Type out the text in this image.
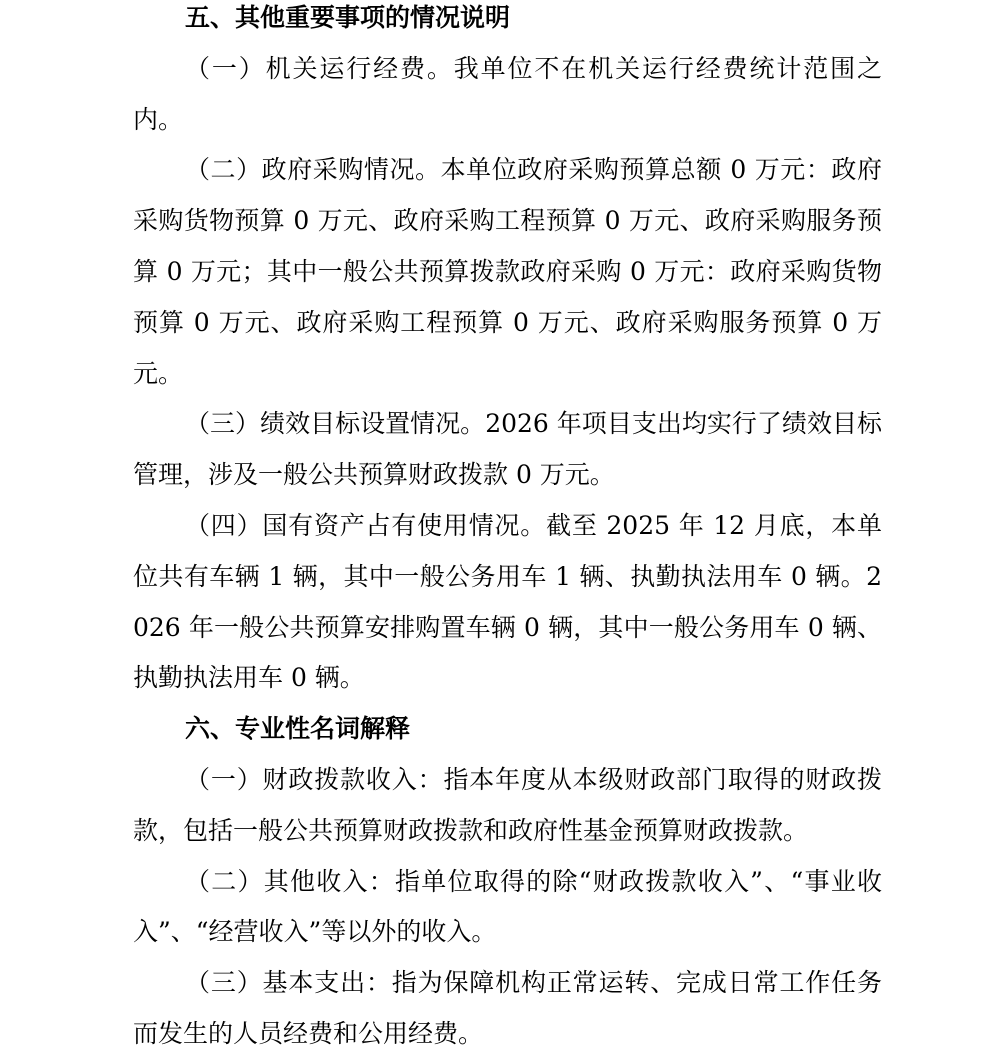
五、其他重要事项的情况说明

（一）机关运行经费。我单位不在机关运行经费统计范围之内。

（二）政府采购情况。本单位政府采购预算总额 0 万元：政府采购货物预算 0 万元、政府采购工程预算 0 万元、政府采购服务预算 0 万元；其中一般公共预算拨款政府采购 0 万元：政府采购货物预算 0 万元、政府采购工程预算 0 万元、政府采购服务预算 0 万元。

（三）绩效目标设置情况。2026 年项目支出均实行了绩效目标管理，涉及一般公共预算财政拨款 0 万元。

（四）国有资产占有使用情况。截至 2025 年 12 月底，本单位共有车辆 1 辆，其中一般公务用车 1 辆、执勤执法用车 0 辆。2026 年一般公共预算安排购置车辆 0 辆，其中一般公务用车 0 辆、执勤执法用车 0 辆。

六、专业性名词解释

（一）财政拨款收入：指本年度从本级财政部门取得的财政拨款，包括一般公共预算财政拨款和政府性基金预算财政拨款。

（二）其他收入：指单位取得的除“财政拨款收入”、“事业收入”、“经营收入”等以外的收入。

（三）基本支出：指为保障机构正常运转、完成日常工作任务而发生的人员经费和公用经费。
